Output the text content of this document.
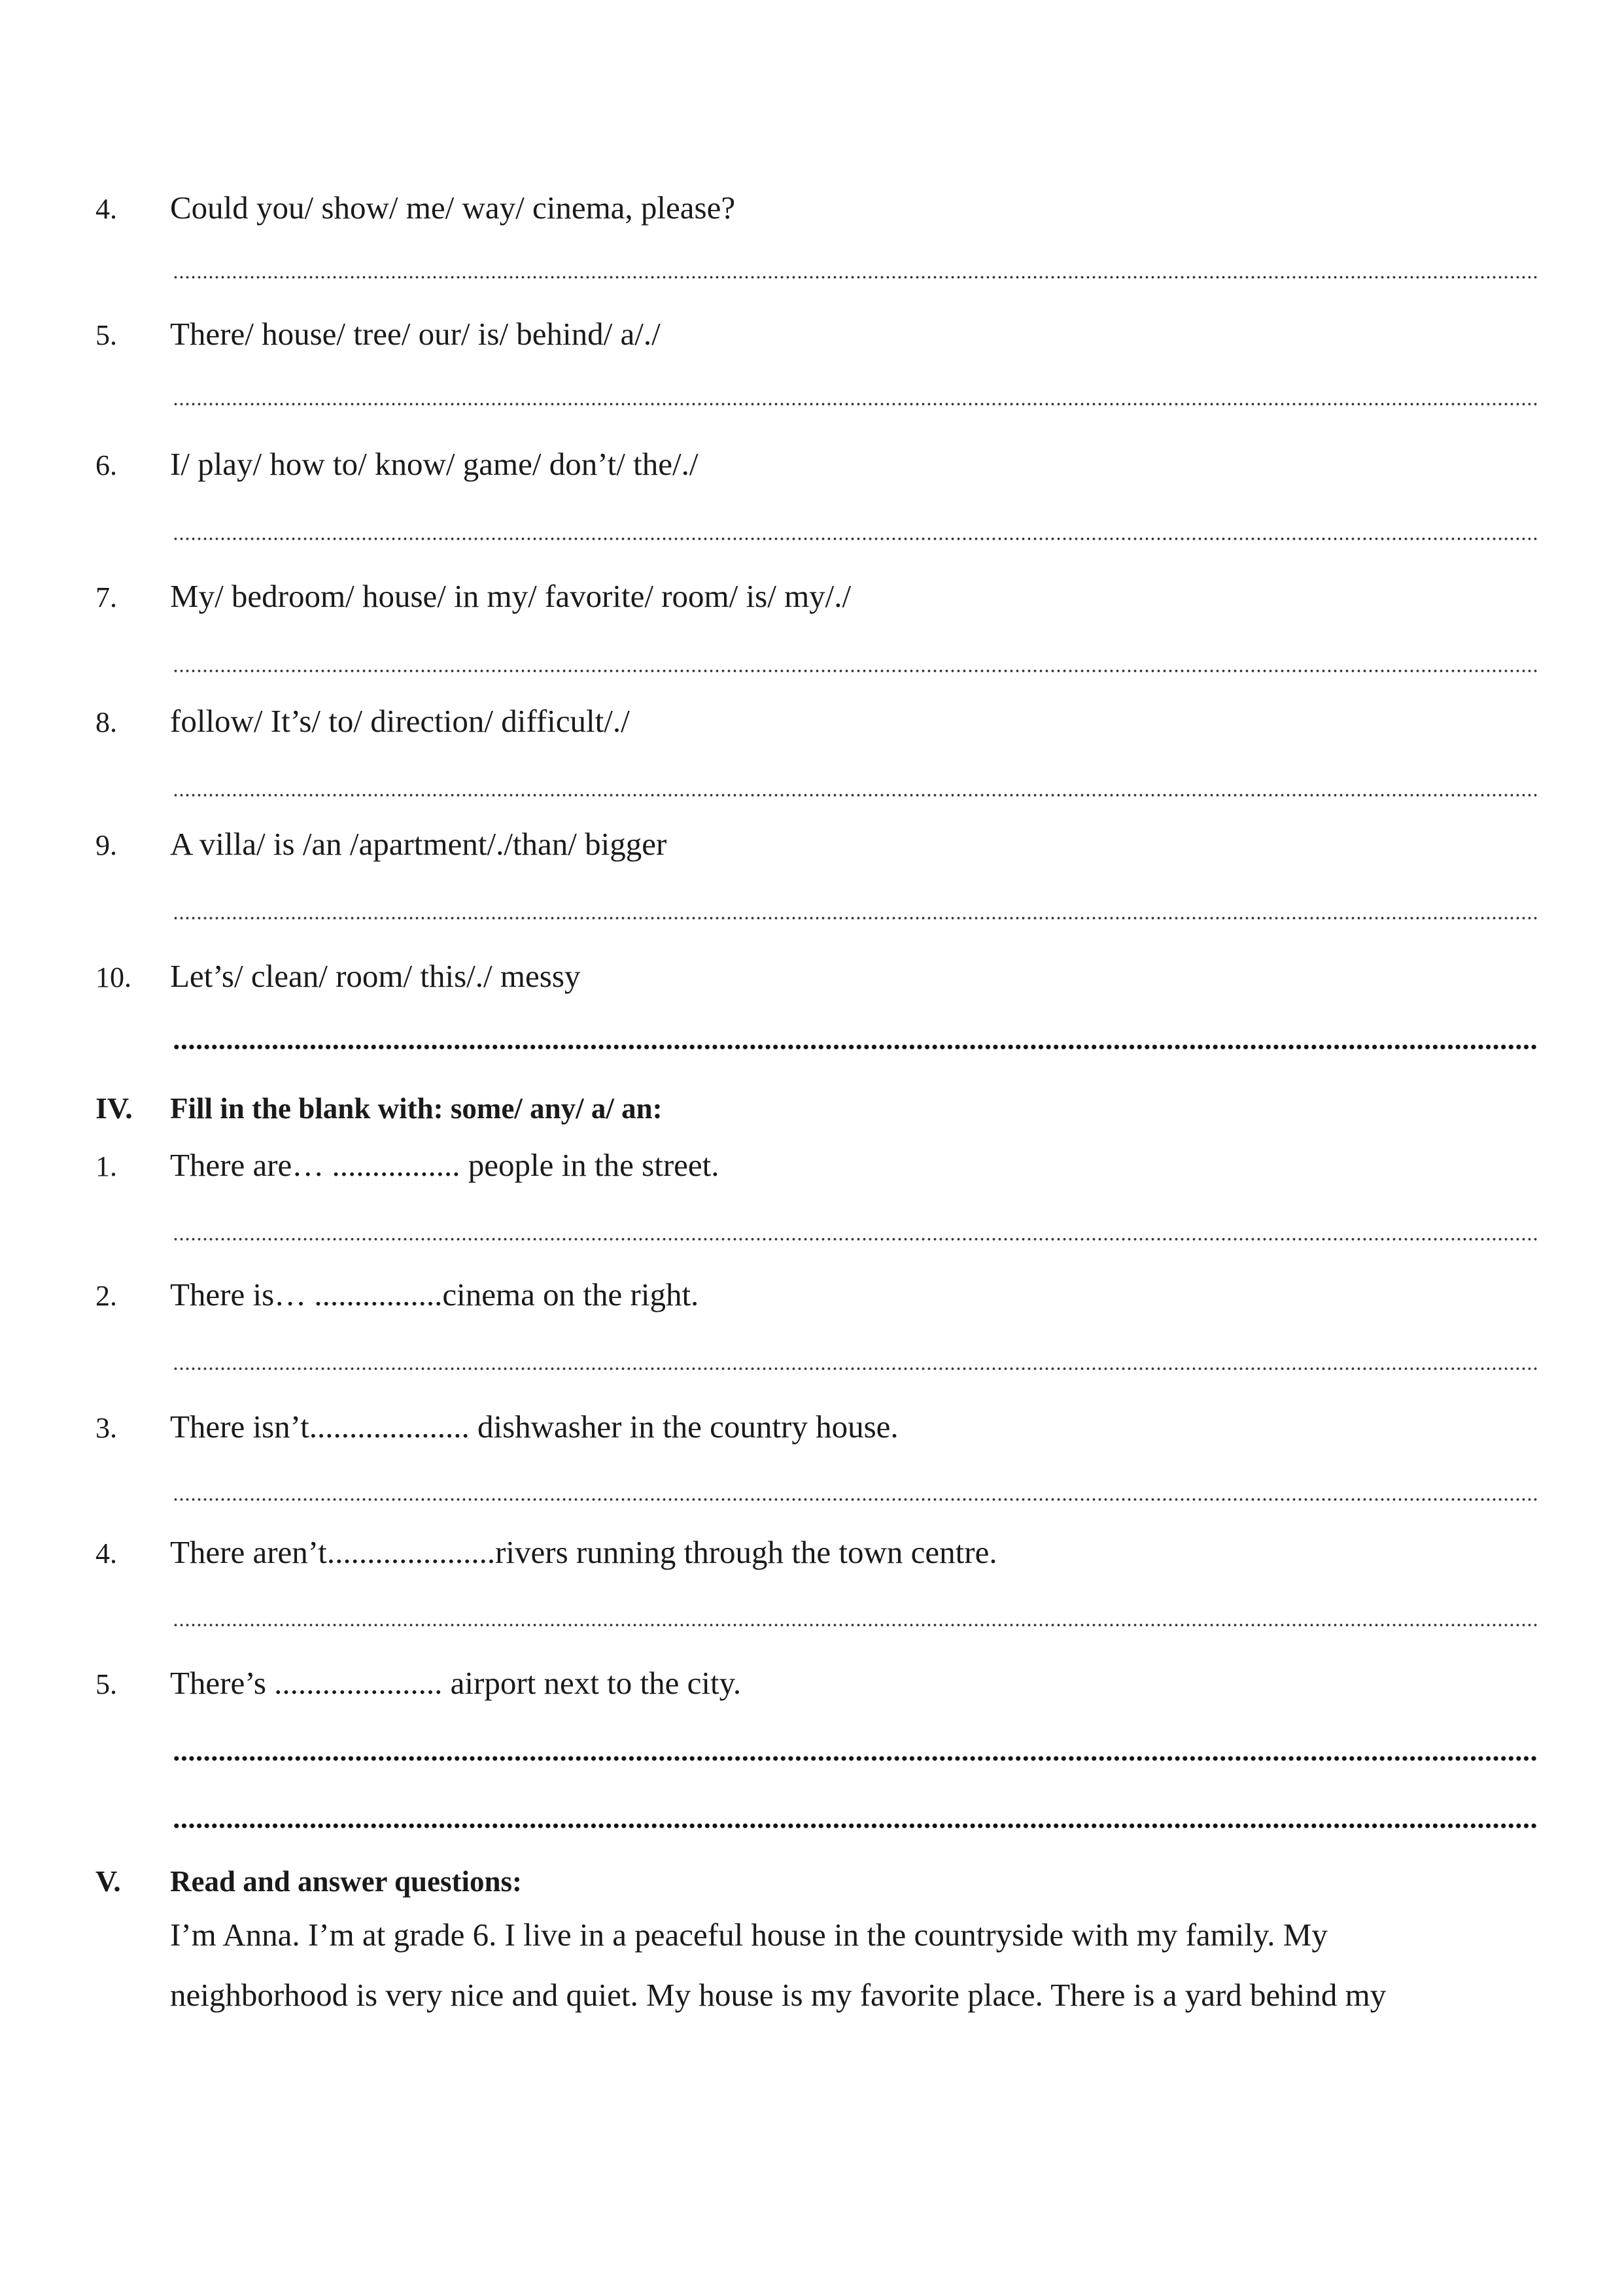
4. Could you/ show/ me/ way/ cinema, please?
5. There/ house/ tree/ our/ is/ behind/ a/./
6. I/ play/ how to/ know/ game/ don’t/ the/./
7. My/ bedroom/ house/ in my/ favorite/ room/ is/ my/./
8. follow/ It’s/ to/ direction/ difficult/./
9. A villa/ is /an /apartment/./than/ bigger
10. Let’s/ clean/ room/ this/./ messy
IV. Fill in the blank with: some/ any/ a/ an:
1. There are… ................ people in the street.
2. There is… ................cinema on the right.
3. There isn’t.................... dishwasher in the country house.
4. There aren’t.....................rivers running through the town centre.
5. There’s ..................... airport next to the city.
V. Read and answer questions:
I’m Anna. I’m at grade 6. I live in a peaceful house in the countryside with my family. My
neighborhood is very nice and quiet. My house is my favorite place. There is a yard behind my
